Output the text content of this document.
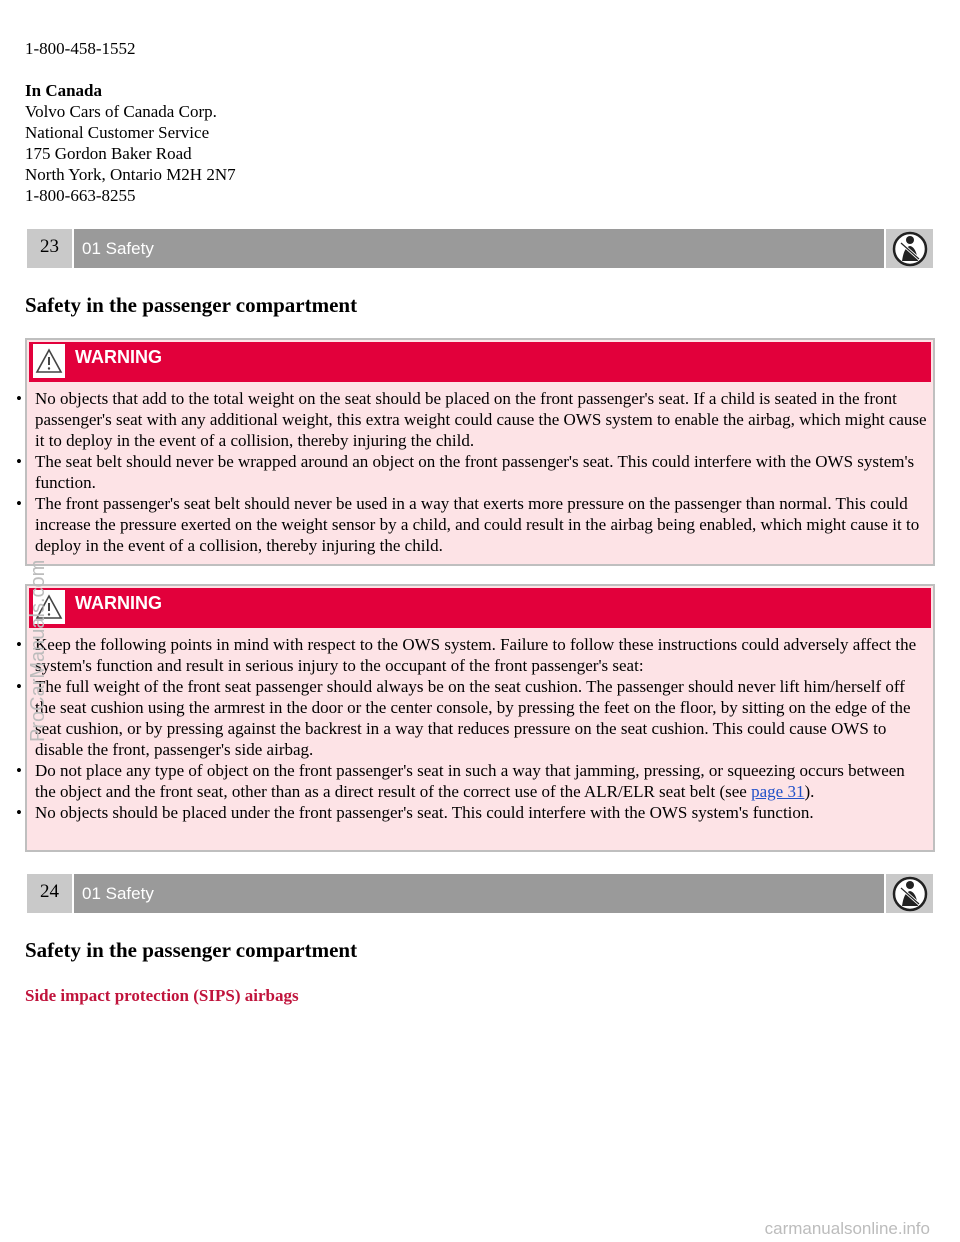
1-800-458-1552

In Canada

Volvo Cars of Canada Corp.

National Customer Service

175 Gordon Baker Road

North York, Ontario M2H 2N7

1-800-663-8255

23	01 Safety
Safety in the passenger compartment
WARNING
• No objects that add to the total weight on the seat should be placed on the front passenger's seat. If a child is seated in the front passenger's seat with any additional weight, this extra weight could cause the OWS system to enable the airbag, which might cause it to deploy in the event of a collision, thereby injuring the child.
• The seat belt should never be wrapped around an object on the front passenger's seat. This could interfere with the OWS system's function.
• The front passenger's seat belt should never be used in a way that exerts more pressure on the passenger than normal. This could increase the pressure exerted on the weight sensor by a child, and could result in the airbag being enabled, which might cause it to deploy in the event of a collision, thereby injuring the child.
WARNING
• Keep the following points in mind with respect to the OWS system. Failure to follow these instructions could adversely affect the system's function and result in serious injury to the occupant of the front passenger's seat:
• The full weight of the front seat passenger should always be on the seat cushion. The passenger should never lift him/herself off the seat cushion using the armrest in the door or the center console, by pressing the feet on the floor, by sitting on the edge of the seat cushion, or by pressing against the backrest in a way that reduces pressure on the seat cushion. This could cause OWS to disable the front, passenger's side airbag.
• Do not place any type of object on the front passenger's seat in such a way that jamming, pressing, or squeezing occurs between the object and the front seat, other than as a direct result of the correct use of the ALR/ELR seat belt (see page 31).
• No objects should be placed under the front passenger's seat. This could interfere with the OWS system's function.
24	01 Safety
Safety in the passenger compartment
Side impact protection (SIPS) airbags
ProCarManuals.com
carmanualsonline.info
